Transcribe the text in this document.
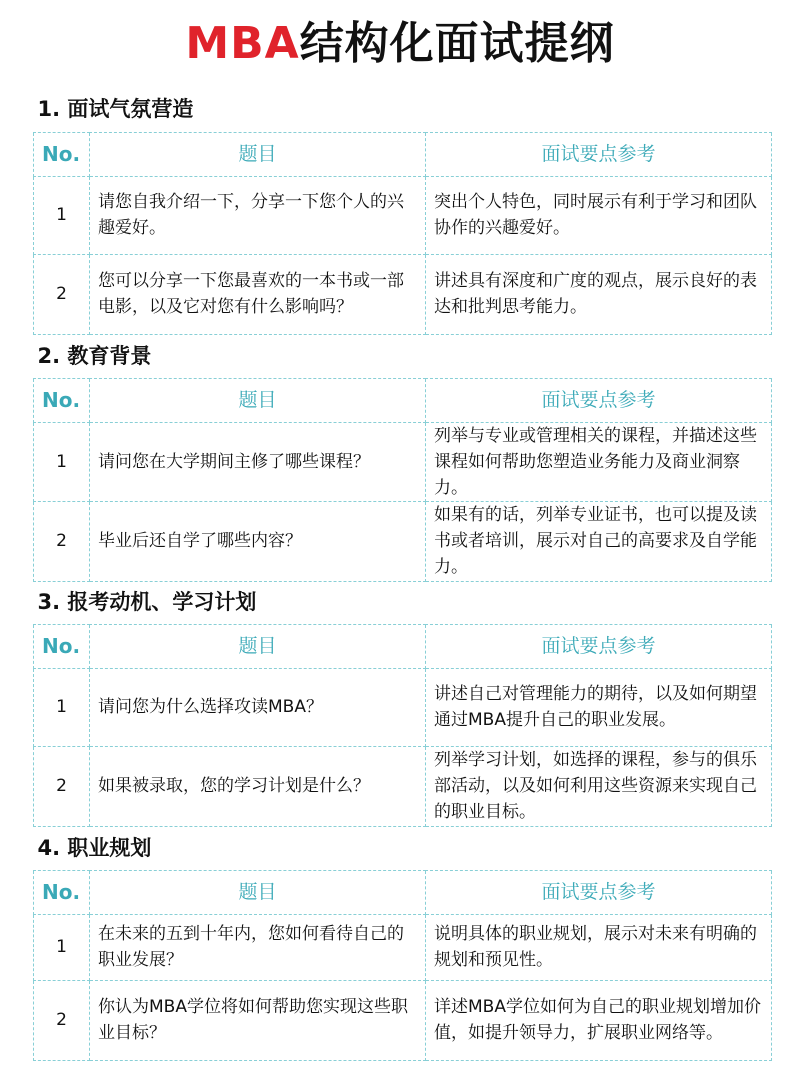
MBA结构化面试提纲
1. 面试气氛营造		
No.	题目	面试要点参考
1	请您自我介绍一下，分享一下您个人的兴趣爱好。	突出个人特色，同时展示有利于学习和团队协作的兴趣爱好。
2	您可以分享一下您最喜欢的一本书或一部电影，以及它对您有什么影响吗？	讲述具有深度和广度的观点，展示良好的表达和批判思考能力。
2. 教育背景		
No.	题目	面试要点参考
1	请问您在大学期间主修了哪些课程？	列举与专业或管理相关的课程，并描述这些课程如何帮助您塑造业务能力及商业洞察力。
2	毕业后还自学了哪些内容？	如果有的话，列举专业证书，也可以提及读书或者培训，展示对自己的高要求及自学能力。
3. 报考动机、学习计划		
No.	题目	面试要点参考
1	请问您为什么选择攻读MBA？	讲述自己对管理能力的期待，以及如何期望通过MBA提升自己的职业发展。
2	如果被录取，您的学习计划是什么？	列举学习计划，如选择的课程，参与的俱乐部活动，以及如何利用这些资源来实现自己的职业目标。
4. 职业规划		
No.	题目	面试要点参考
1	在未来的五到十年内，您如何看待自己的职业发展？	说明具体的职业规划，展示对未来有明确的规划和预见性。
2	你认为MBA学位将如何帮助您实现这些职业目标？	详述MBA学位如何为自己的职业规划增加价值，如提升领导力，扩展职业网络等。
